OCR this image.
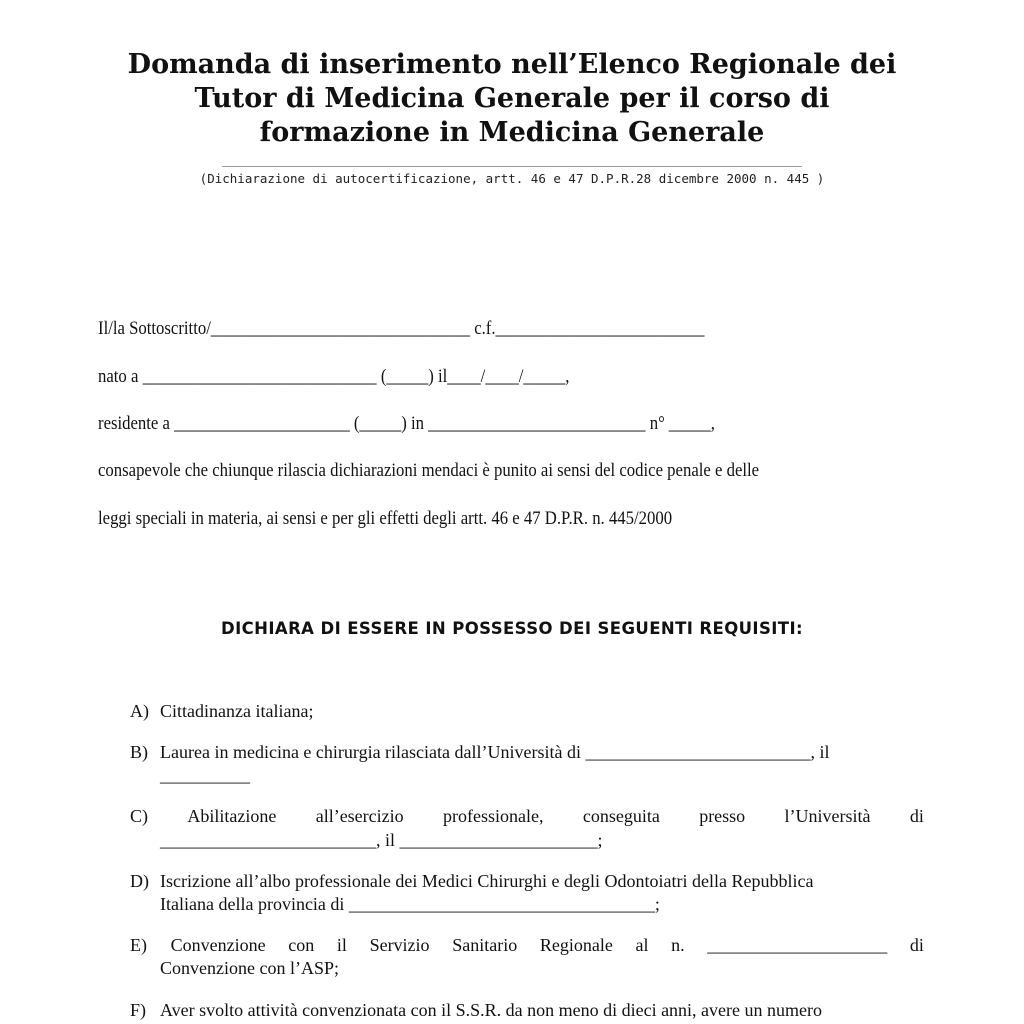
Domanda di inserimento nell’Elenco Regionale dei
Tutor di Medicina Generale per il corso di
formazione in Medicina Generale
(Dichiarazione di autocertificazione, artt. 46 e 47 D.P.R.28 dicembre 2000 n. 445 )
Il/la Sottoscritto/_______________________________ c.f._________________________
nato a ____________________________ (_____) il____/____/_____,
residente a _____________________ (_____) in __________________________ n° _____,
consapevole che chiunque rilascia dichiarazioni mendaci è punito ai sensi del codice penale e delle
leggi speciali in materia, ai sensi e per gli effetti degli artt. 46 e 47 D.P.R. n. 445/2000
DICHIARA DI ESSERE IN POSSESSO DEI SEGUENTI REQUISITI:
A) Cittadinanza italiana;
B) Laurea in medicina e chirurgia rilasciata dall’Università di _________________________, il
__________
C)	Abilitazione all’esercizio professionale, conseguita presso l’Università di
________________________, il ______________________;
D) Iscrizione all’albo professionale dei Medici Chirurghi e degli Odontoiatri della Repubblica
Italiana della provincia di __________________________________;
E)	Convenzione con il Servizio Sanitario Regionale al n. ____________________ di
Convenzione con l’ASP;
F) Aver svolto attività convenzionata con il S.S.R. da non meno di dieci anni, avere un numero
